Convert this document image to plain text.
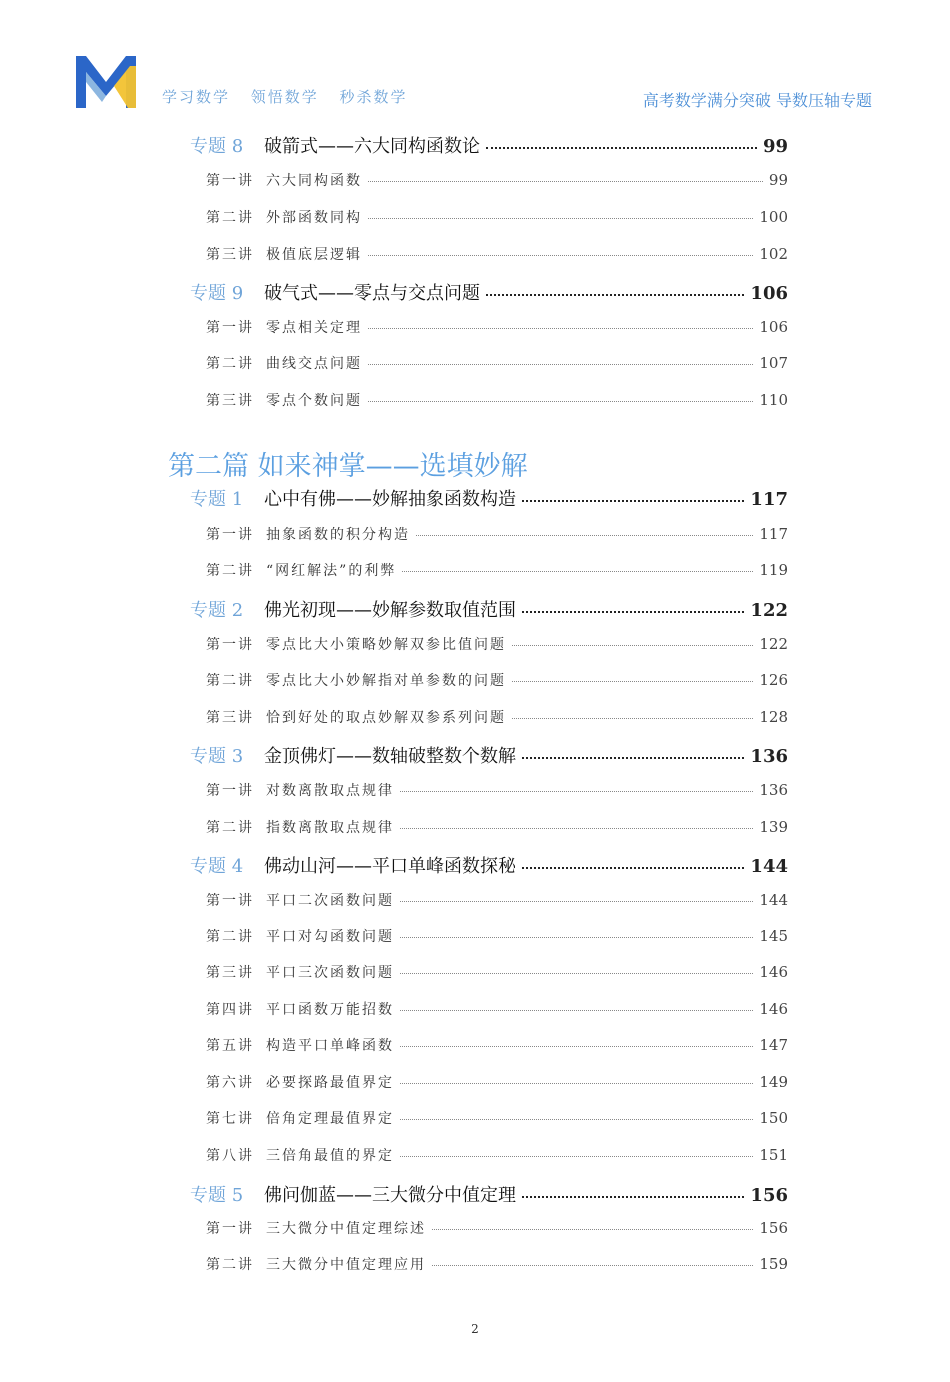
学习数学 领悟数学 秒杀数学	高考数学满分突破 导数压轴专题
专题 8	破箭式——六大同构函数论	99
第一讲 六大同构函数	99
第二讲 外部函数同构	100
第三讲 极值底层逻辑	102
专题 9	破气式——零点与交点问题	106
第一讲 零点相关定理	106
第二讲 曲线交点问题	107
第三讲 零点个数问题	110
第二篇 如来神掌——选填妙解
专题 1	心中有佛——妙解抽象函数构造	117
第一讲 抽象函数的积分构造	117
第二讲 “网红解法”的利弊	119
专题 2	佛光初现——妙解参数取值范围	122
第一讲 零点比大小策略妙解双参比值问题	122
第二讲 零点比大小妙解指对单参数的问题	126
第三讲 恰到好处的取点妙解双参系列问题	128
专题 3	金顶佛灯——数轴破整数个数解	136
第一讲 对数离散取点规律	136
第二讲 指数离散取点规律	139
专题 4	佛动山河——平口单峰函数探秘	144
第一讲 平口二次函数问题	144
第二讲 平口对勾函数问题	145
第三讲 平口三次函数问题	146
第四讲 平口函数万能招数	146
第五讲 构造平口单峰函数	147
第六讲 必要探路最值界定	149
第七讲 倍角定理最值界定	150
第八讲 三倍角最值的界定	151
专题 5	佛问伽蓝——三大微分中值定理	156
第一讲 三大微分中值定理综述	156
第二讲 三大微分中值定理应用	159
2
